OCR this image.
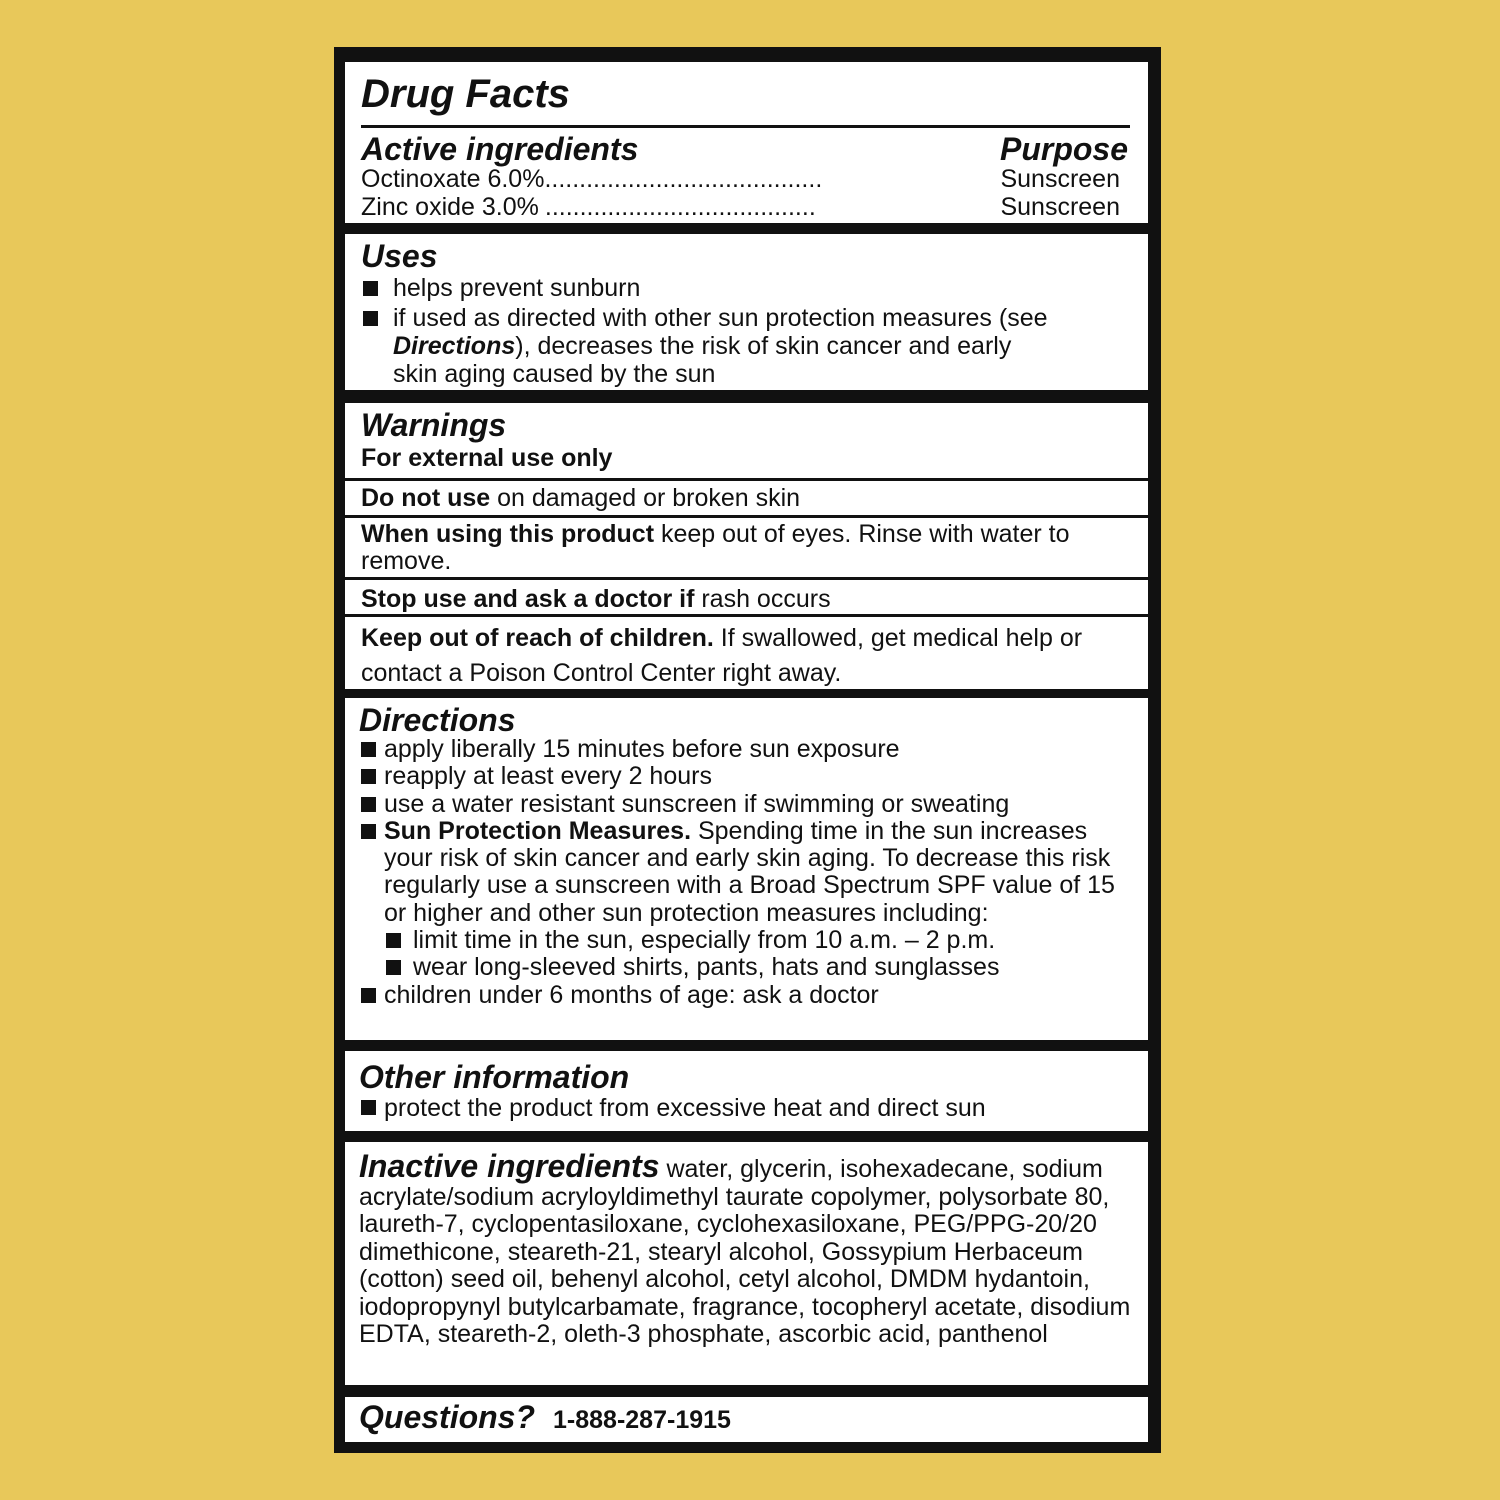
Drug Facts
Active ingredients	Purpose
Octinoxate 6.0% ........................................	Sunscreen
Zinc oxide 3.0% .......................................	Sunscreen
Uses
helps prevent sunburn
if used as directed with other sun protection measures (see
Directions), decreases the risk of skin cancer and early
skin aging caused by the sun
Warnings
For external use only
Do not use on damaged or broken skin
When using this product keep out of eyes. Rinse with water to remove.
Stop use and ask a doctor if rash occurs
Keep out of reach of children. If swallowed, get medical help or contact a Poison Control Center right away.
Directions
apply liberally 15 minutes before sun exposure
reapply at least every 2 hours
use a water resistant sunscreen if swimming or sweating
Sun Protection Measures. Spending time in the sun increases your risk of skin cancer and early skin aging. To decrease this risk regularly use a sunscreen with a Broad Spectrum SPF value of 15 or higher and other sun protection measures including:
limit time in the sun, especially from 10 a.m. – 2 p.m.
wear long-sleeved shirts, pants, hats and sunglasses
children under 6 months of age: ask a doctor
Other information
protect the product from excessive heat and direct sun
Inactive ingredients water, glycerin, isohexadecane, sodium acrylate/sodium acryloyldimethyl taurate copolymer, polysorbate 80, laureth-7, cyclopentasiloxane, cyclohexasiloxane, PEG/PPG-20/20 dimethicone, steareth-21, stearyl alcohol, Gossypium Herbaceum (cotton) seed oil, behenyl alcohol, cetyl alcohol, DMDM hydantoin, iodopropynyl butylcarbamate, fragrance, tocopheryl acetate, disodium EDTA, steareth-2, oleth-3 phosphate, ascorbic acid, panthenol
Questions? 1-888-287-1915
